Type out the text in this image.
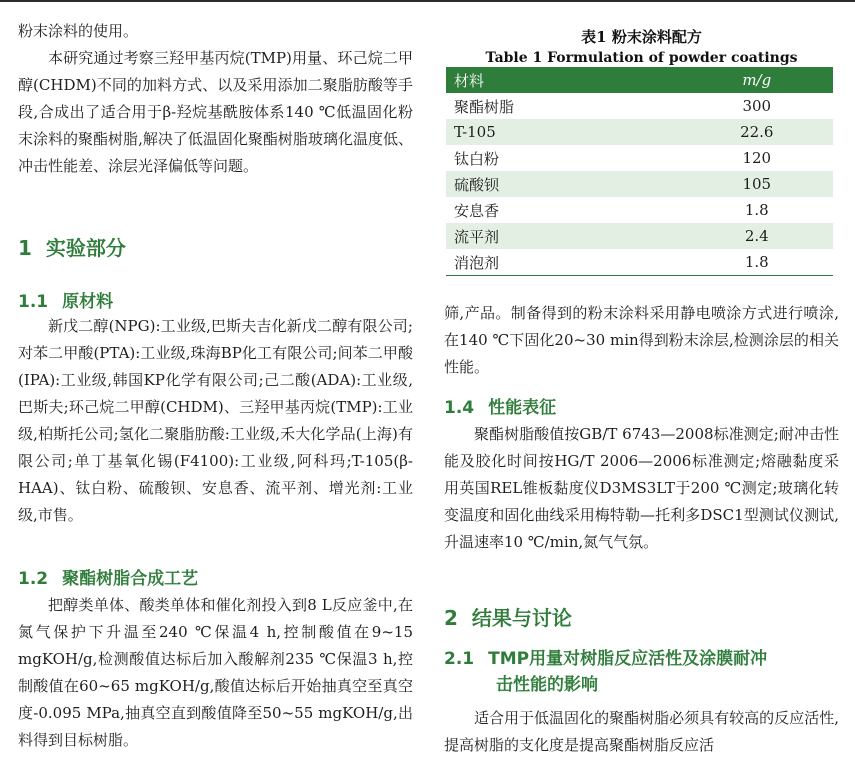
粉末涂料的使用。

本研究通过考察三羟甲基丙烷(TMP)用量、环己烷二甲醇(CHDM)不同的加料方式、以及采用添加二聚脂肪酸等手段,合成出了适合用于β-羟烷基酰胺体系140 ℃低温固化粉末涂料的聚酯树脂,解决了低温固化聚酯树脂玻璃化温度低、冲击性能差、涂层光泽偏低等问题。

1 实验部分
1.1 原材料

新戊二醇(NPG):工业级,巴斯夫吉化新戊二醇有限公司;对苯二甲酸(PTA):工业级,珠海BP化工有限公司;间苯二甲酸(IPA):工业级,韩国KP化学有限公司;己二酸(ADA):工业级,巴斯夫;环己烷二甲醇(CHDM)、三羟甲基丙烷(TMP):工业级,柏斯托公司;氢化二聚脂肪酸:工业级,禾大化学品(上海)有限公司;单丁基氧化锡(F4100):工业级,阿科玛;T-105(β-HAA)、钛白粉、硫酸钡、安息香、流平剂、增光剂:工业级,市售。

1.2 聚酯树脂合成工艺

把醇类单体、酸类单体和催化剂投入到8 L反应釜中,在氮气保护下升温至240 ℃保温4 h,控制酸值在9~15 mgKOH/g,检测酸值达标后加入酸解剂235 ℃保温3 h,控制酸值在60~65 mgKOH/g,酸值达标后开始抽真空至真空度-0.095 MPa,抽真空直到酸值降至50~55 mgKOH/g,出料得到目标树脂。

表1 粉末涂料配方
Table 1 Formulation of powder coatings
材料	m/g
聚酯树脂	300
T-105	22.6
钛白粉	120
硫酸钡	105
安息香	1.8
流平剂	2.4
消泡剂	1.8

筛,产品。制备得到的粉末涂料采用静电喷涂方式进行喷涂,在140 ℃下固化20~30 min得到粉末涂层,检测涂层的相关性能。

1.4 性能表征

聚酯树脂酸值按GB/T 6743—2008标准测定;耐冲击性能及胶化时间按HG/T 2006—2006标准测定;熔融黏度采用英国REL锥板黏度仪D3MS3LT于200 ℃测定;玻璃化转变温度和固化曲线采用梅特勒—托利多DSC1型测试仪测试,升温速率10 ℃/min,氮气气氛。

2 结果与讨论
2.1 TMP用量对树脂反应活性及涂膜耐冲
击性能的影响

适合用于低温固化的聚酯树脂必须具有较高的反应活性,提高树脂的支化度是提高聚酯树脂反应活
